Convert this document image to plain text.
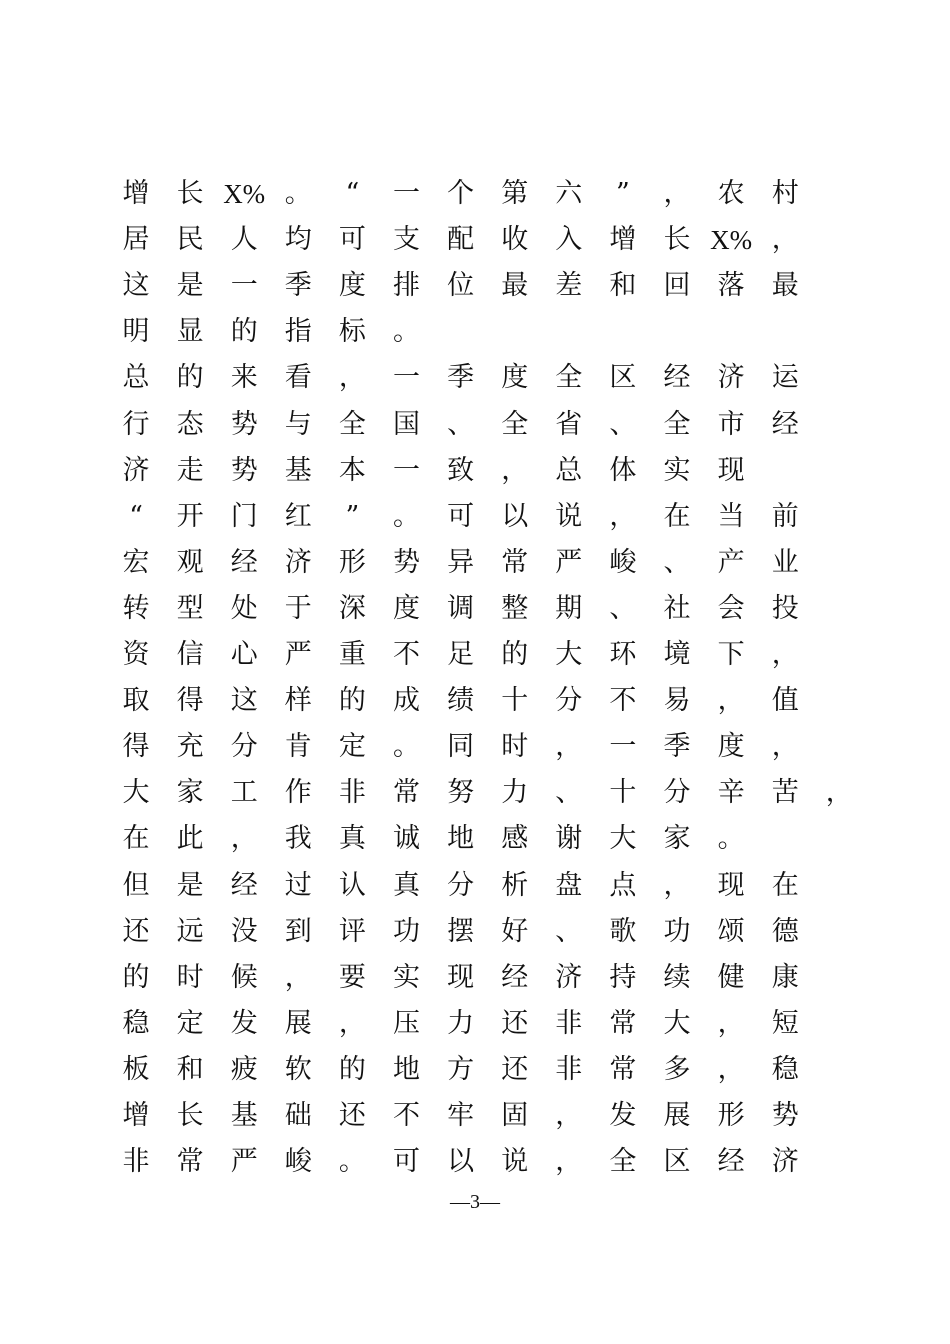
增 长 X% 。	“	一 个 第 六	”	， 农 村
居 民 人 均 可 支 配 收 入 增 长 X% ，
这 是 一 季 度 排 位 最 差 和 回 落 最
明 显 的 指 标 。
总 的 来 看 ， 一 季 度 全 区 经 济 运
行 态 势 与 全 国 、 全 省 、 全 市 经
济 走 势 基 本 一 致 ， 总 体 实 现
“	开 门 红	”	。 可 以 说 ， 在 当 前
宏 观 经 济 形 势 异 常 严 峻 、 产 业
转 型 处 于 深 度 调 整 期 、 社 会 投
资 信 心 严 重 不 足 的 大 环 境 下 ，
取 得 这 样 的 成 绩 十 分 不 易 ， 值
得 充 分 肯 定 。 同 时 ， 一 季 度 ，
大 家 工 作 非 常 努 力 、 十 分 辛 苦 ，
在 此 ， 我 真 诚 地 感 谢 大 家 。
但 是 经 过 认 真 分 析 盘 点 ， 现 在
还 远 没 到 评 功 摆 好 、 歌 功 颂 德
的 时 候 ， 要 实 现 经 济 持 续 健 康
稳 定 发 展 ， 压 力 还 非 常 大 ， 短
板 和 疲 软 的 地 方 还 非 常 多 ， 稳
增 长 基 础 还 不 牢 固 ， 发 展 形 势
非 常 严 峻 。 可 以 说 ， 全 区 经 济
—3—
